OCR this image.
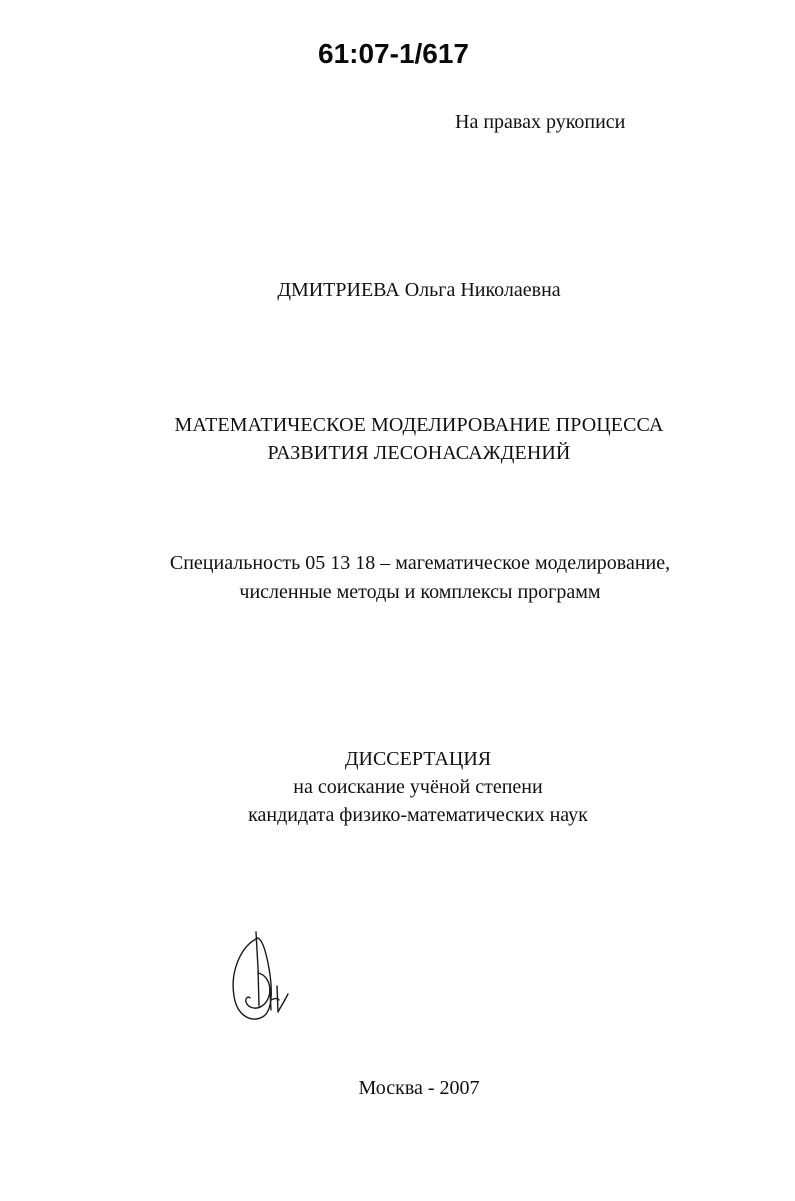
61:07-1/617
На правах рукописи
ДМИТРИЕВА Ольга Николаевна
МАТЕМАТИЧЕСКОЕ МОДЕЛИРОВАНИЕ ПРОЦЕССА
РАЗВИТИЯ ЛЕСОНАСАЖДЕНИЙ
Специальность 05 13 18 – магематическое моделирование,
численные методы и комплексы программ
ДИССЕРТАЦИЯ
на соискание учёной степени
кандидата физико-математических наук
Москва - 2007
